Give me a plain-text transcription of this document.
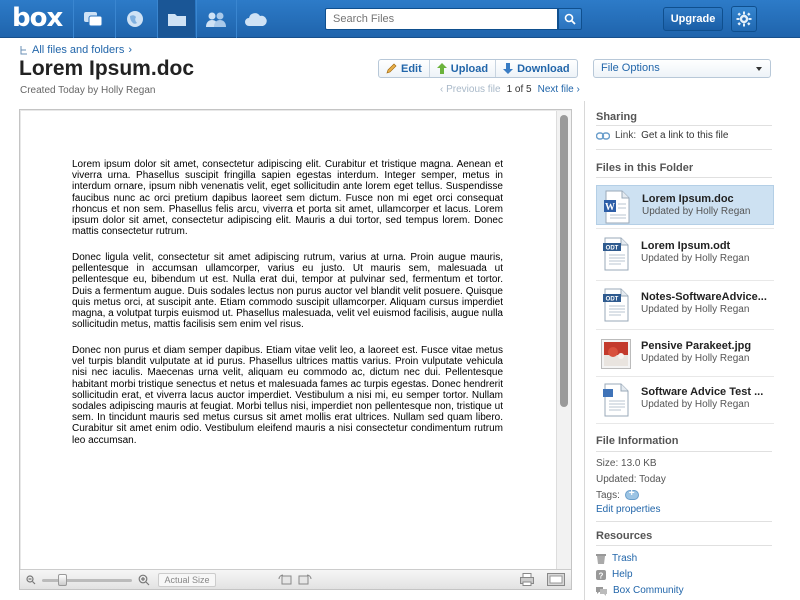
box
Search Files	Upgrade
All files and folders ›
Lorem Ipsum.doc
Created Today by Holly Regan
Edit	Upload	Download	File Options
‹ Previous file 1 of 5 Next file ›

Lorem ipsum dolor sit amet, consectetur adipiscing elit. Curabitur et tristique magna. Aenean et viverra urna. Phasellus suscipit fringilla sapien egestas interdum. Integer semper, metus in interdum ornare, ipsum nibh venenatis velit, eget sollicitudin ante lorem eget tellus. Suspendisse faucibus nunc ac orci pretium dapibus laoreet sem dictum. Fusce non mi eget orci consequat rhoncus et non sem. Phasellus felis arcu, viverra et porta sit amet, ullamcorper et lacus. Lorem ipsum dolor sit amet, consectetur adipiscing elit. Mauris a dui tortor, sed tempus lorem. Donec mattis consectetur rutrum.

Donec ligula velit, consectetur sit amet adipiscing rutrum, varius at urna. Proin augue mauris, pellentesque in accumsan ullamcorper, varius eu justo. Ut mauris sem, malesuada ut pellentesque eu, bibendum ut est. Nulla erat dui, tempor at pulvinar sed, fermentum et tortor. Duis a fermentum augue. Duis sodales lectus non purus auctor vel blandit velit posuere. Quisque quis metus orci, at suscipit ante. Etiam commodo suscipit ullamcorper. Aliquam cursus imperdiet magna, a volutpat turpis euismod ut. Phasellus malesuada, velit vel euismod facilisis, augue nulla sollicitudin metus, mattis facilisis sem enim vel risus.

Donec non purus et diam semper dapibus. Etiam vitae velit leo, a laoreet est. Fusce vitae metus vel turpis blandit vulputate at id purus. Phasellus ultrices mattis varius. Proin vulputate vehicula nisi nec iaculis. Maecenas urna velit, aliquam eu commodo ac, dictum nec dui. Pellentesque habitant morbi tristique senectus et netus et malesuada fames ac turpis egestas. Donec hendrerit sollicitudin erat, et viverra lacus auctor imperdiet. Vestibulum a nisi mi, eu semper tortor. Nullam sodales adipiscing mauris at feugiat. Morbi tellus nisi, imperdiet non pellentesque non, tristique ut sem. In tincidunt mauris sed metus cursus sit amet mollis erat ultrices. Nullam sed quam libero. Curabitur sit amet enim odio. Vestibulum eleifend mauris a nisi consectetur condimentum rutrum leo accumsan.

Actual Size
Sharing
Link: Get a link to this file
Files in this Folder
W
Lorem Ipsum.doc
Updated by Holly Regan
ODT Lorem Ipsum.odt
Updated by Holly Regan
ODT Notes-SoftwareAdvice...
Updated by Holly Regan
Pensive Parakeet.jpg
Updated by Holly Regan
Software Advice Test ...
Updated by Holly Regan
File Information
Size: 13.0 KB
Updated: Today
Tags: +
Edit properties
Resources
Trash
? Help
Box Community
